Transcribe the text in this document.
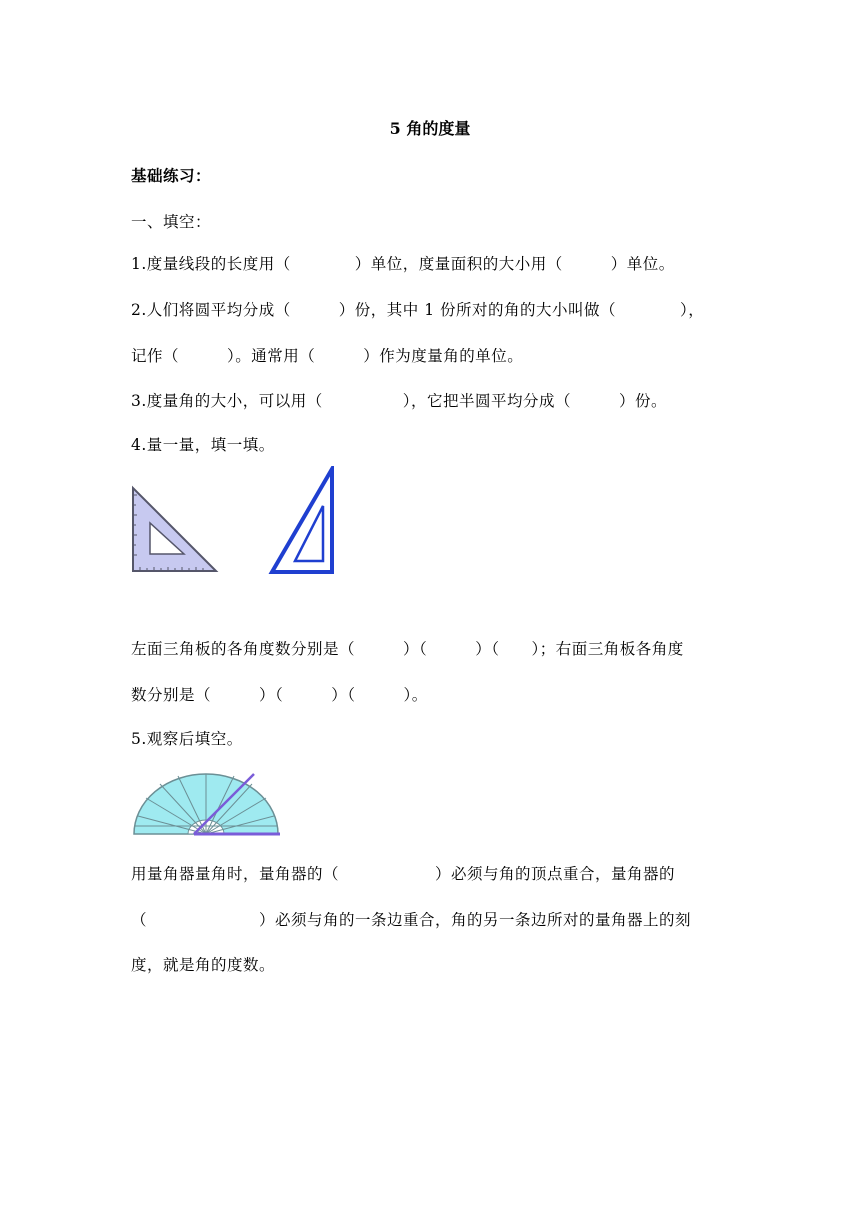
5 角的度量
基础练习：
一、填空：
1.度量线段的长度用（　　　　）单位，度量面积的大小用（　　　）单位。
2.人们将圆平均分成（　　　）份，其中 1 份所对的角的大小叫做（　　　　），
记作（　　　）。通常用（　　　）作为度量角的单位。
3.度量角的大小，可以用（　　　　　），它把半圆平均分成（　　　）份。
4.量一量，填一填。
左面三角板的各角度数分别是（　　　）（　　　）（　　）；右面三角板各角度
数分别是（　　　）（　　　）（　　　）。
5.观察后填空。
用量角器量角时，量角器的（　　　　　　）必须与角的顶点重合，量角器的
（　　　　　　　）必须与角的一条边重合，角的另一条边所对的量角器上的刻
度，就是角的度数。
